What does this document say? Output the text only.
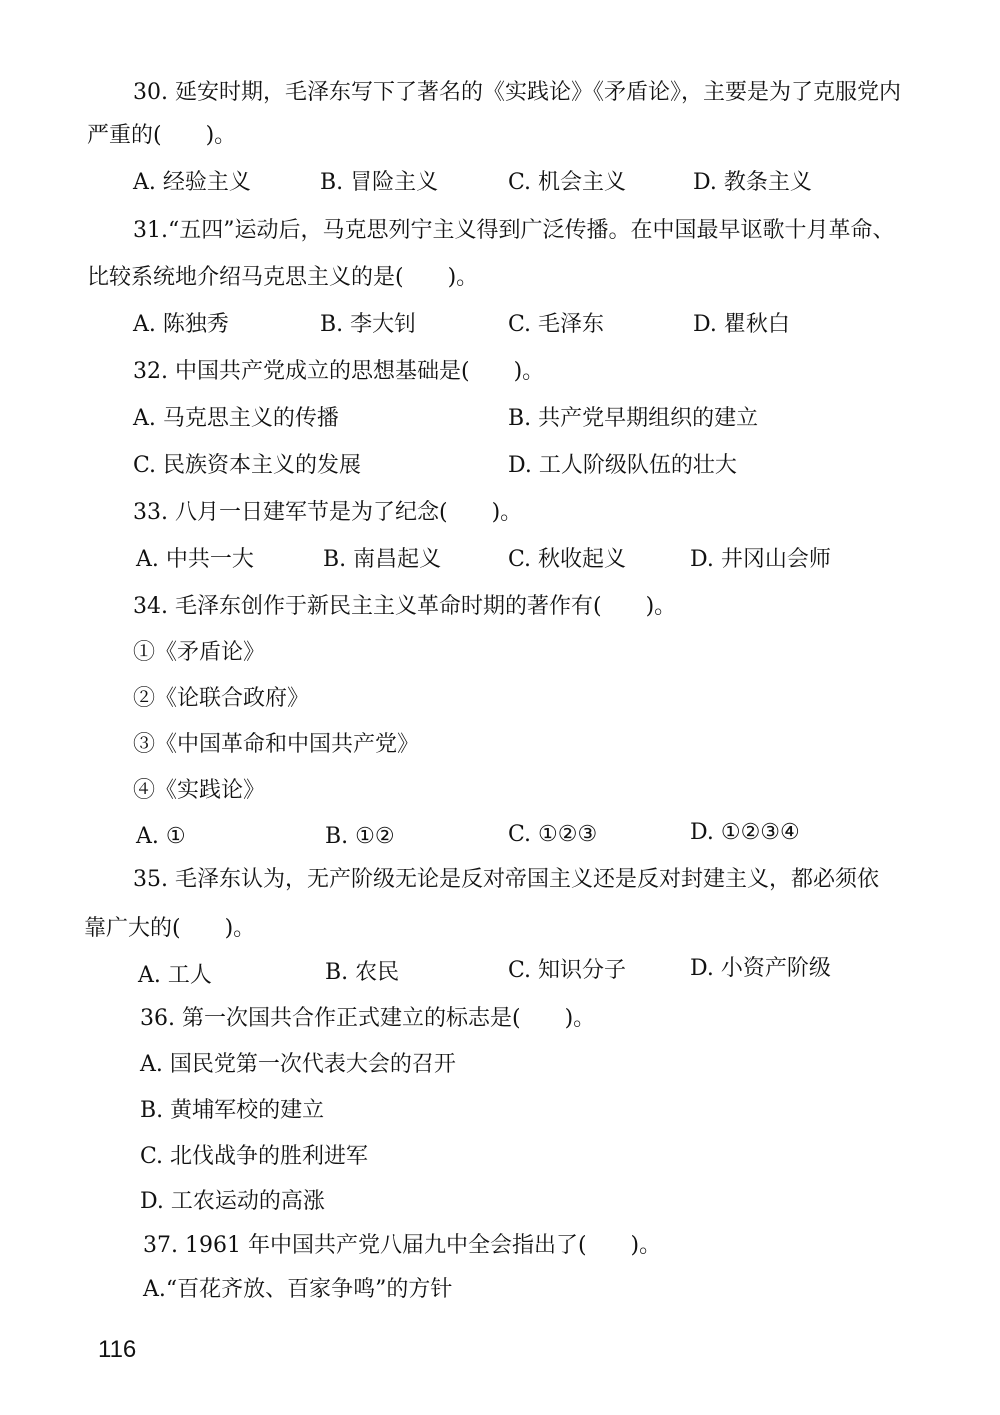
30. 延安时期，毛泽东写下了著名的《实践论》《矛盾论》，主要是为了克服党内
严重的(　　)。
A. 经验主义	B. 冒险主义	C. 机会主义	D. 教条主义
31.“五四”运动后，马克思列宁主义得到广泛传播。在中国最早讴歌十月革命、
比较系统地介绍马克思主义的是(　　)。
A. 陈独秀	B. 李大钊	C. 毛泽东	D. 瞿秋白
32. 中国共产党成立的思想基础是(　　)。
A. 马克思主义的传播	B. 共产党早期组织的建立
C. 民族资本主义的发展	D. 工人阶级队伍的壮大
33. 八月一日建军节是为了纪念(　　)。
A. 中共一大	B. 南昌起义	C. 秋收起义	D. 井冈山会师
34. 毛泽东创作于新民主主义革命时期的著作有(　　)。
①《矛盾论》
②《论联合政府》
③《中国革命和中国共产党》
④《实践论》
A. ①	B. ①②	C. ①②③	D. ①②③④
35. 毛泽东认为，无产阶级无论是反对帝国主义还是反对封建主义，都必须依
靠广大的(　　)。
A. 工人	B. 农民	C. 知识分子	D. 小资产阶级
36. 第一次国共合作正式建立的标志是(　　)。
A. 国民党第一次代表大会的召开
B. 黄埔军校的建立
C. 北伐战争的胜利进军
D. 工农运动的高涨
37. 1961 年中国共产党八届九中全会指出了(　　)。
A.“百花齐放、百家争鸣”的方针
116
